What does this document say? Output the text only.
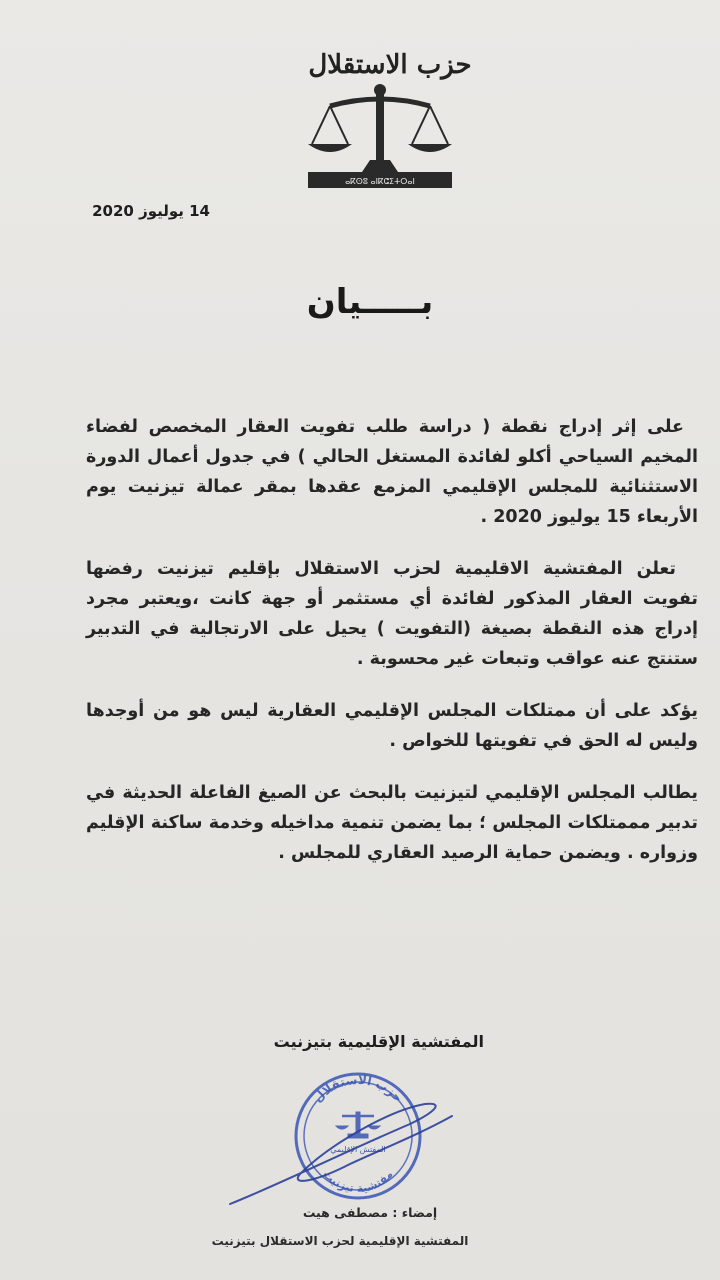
حزب الاستقلال
ⴰⴽⵙⵓ ⴰⵏⴽⵛⵉⵜⵔⴰⵏ
14 يوليوز 2020
بـــــيان

على إثر إدراج نقطة ( دراسة طلب تفويت العقار المخصص لفضاء المخيم السياحي أكلو لفائدة المستغل الحالي ) في جدول أعمال الدورة الاستثنائية للمجلس الإقليمي المزمع عقدها بمقر عمالة تيزنيت يوم الأربعاء 15 يوليوز 2020 .

تعلن المفتشية الاقليمية لحزب الاستقلال بإقليم تيزنيت رفضها تفويت العقار المذكور لفائدة أي مستثمر أو جهة كانت ،ويعتبر مجرد إدراج هذه النقطة بصيغة (التفويت ) يحيل على الارتجالية في التدبير ستنتج عنه عواقب وتبعات غير محسوبة .

يؤكد على أن ممتلكات المجلس الإقليمي العقارية ليس هو من أوجدها وليس له الحق في تفويتها للخواص .

يطالب المجلس الإقليمي لتيزنيت بالبحث عن الصيغ الفاعلة الحديثة في تدبير مممتلكات المجلس ؛ بما يضمن تنمية مداخيله وخدمة ساكنة الإقليم وزواره . ويضمن حماية الرصيد العقاري للمجلس .

المفتشية الإقليمية بتيزنيت
حزب الاستقلال
مفتشية تيزنيت
المفتش الإقليمي
إمضاء : مصطفى هيت
المفتشية الإقليمية لحزب الاستقلال بتيزنيت
